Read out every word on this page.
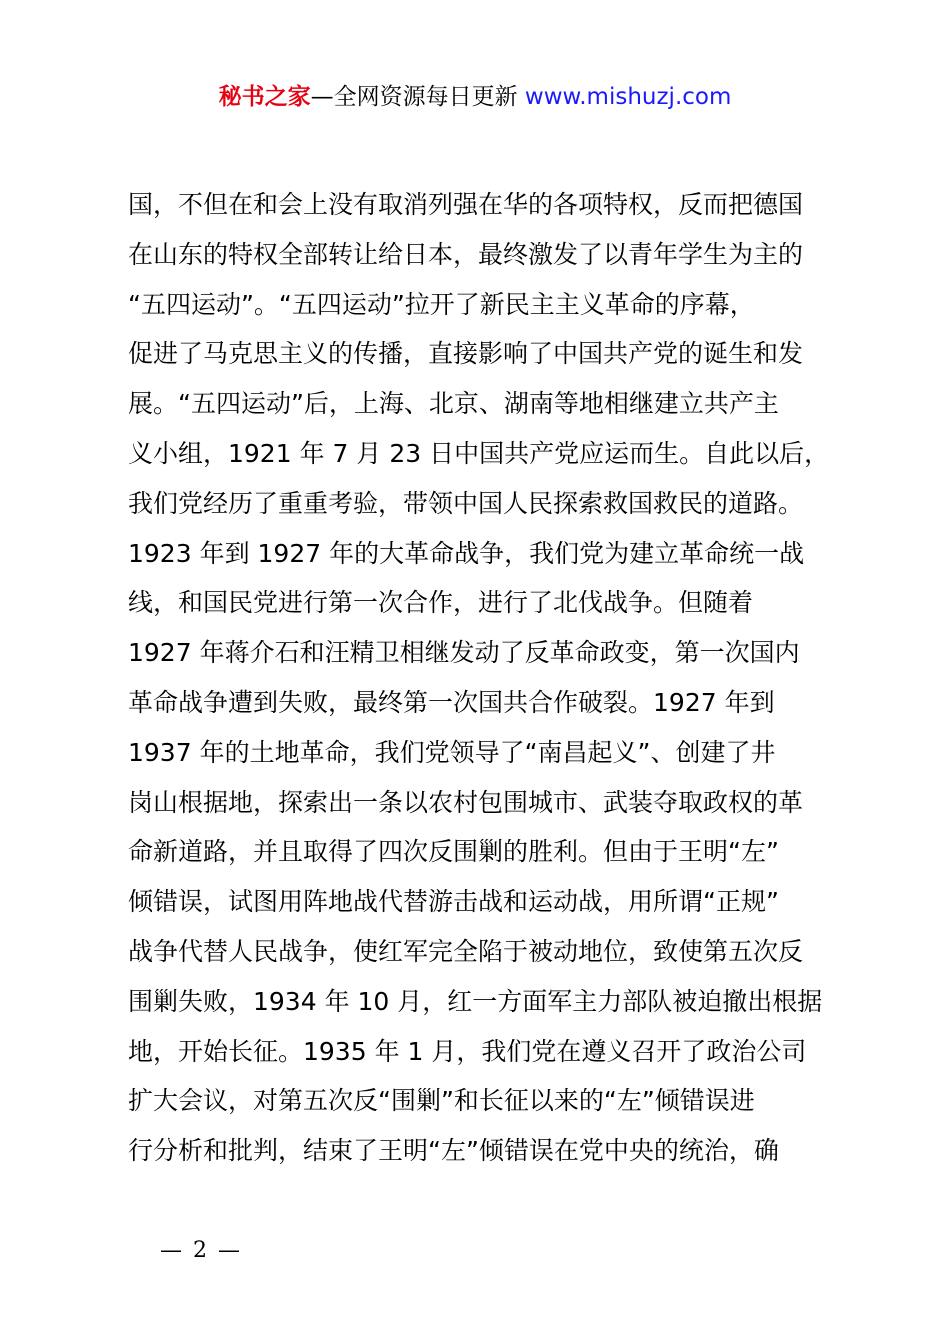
秘书之家—全网资源每日更新 www.mishuzj.com
国，不但在和会上没有取消列强在华的各项特权，反而把德国
在山东的特权全部转让给日本，最终激发了以青年学生为主的
“五四运动”。“五四运动”拉开了新民主主义革命的序幕，
促进了马克思主义的传播，直接影响了中国共产党的诞生和发
展。“五四运动”后，上海、北京、湖南等地相继建立共产主
义小组，1921 年 7 月 23 日中国共产党应运而生。自此以后，
我们党经历了重重考验，带领中国人民探索救国救民的道路。
1923 年到 1927 年的大革命战争，我们党为建立革命统一战
线，和国民党进行第一次合作，进行了北伐战争。但随着
1927 年蒋介石和汪精卫相继发动了反革命政变，第一次国内
革命战争遭到失败，最终第一次国共合作破裂。1927 年到
1937 年的土地革命，我们党领导了“南昌起义”、创建了井
岗山根据地，探索出一条以农村包围城市、武装夺取政权的革
命新道路，并且取得了四次反围剿的胜利。但由于王明“左”
倾错误，试图用阵地战代替游击战和运动战，用所谓“正规”
战争代替人民战争，使红军完全陷于被动地位，致使第五次反
围剿失败，1934 年 10 月，红一方面军主力部队被迫撤出根据
地，开始长征。1935 年 1 月，我们党在遵义召开了政治公司
扩大会议，对第五次反“围剿”和长征以来的“左”倾错误进
行分析和批判，结束了王明“左”倾错误在党中央的统治，确
— 2 —
